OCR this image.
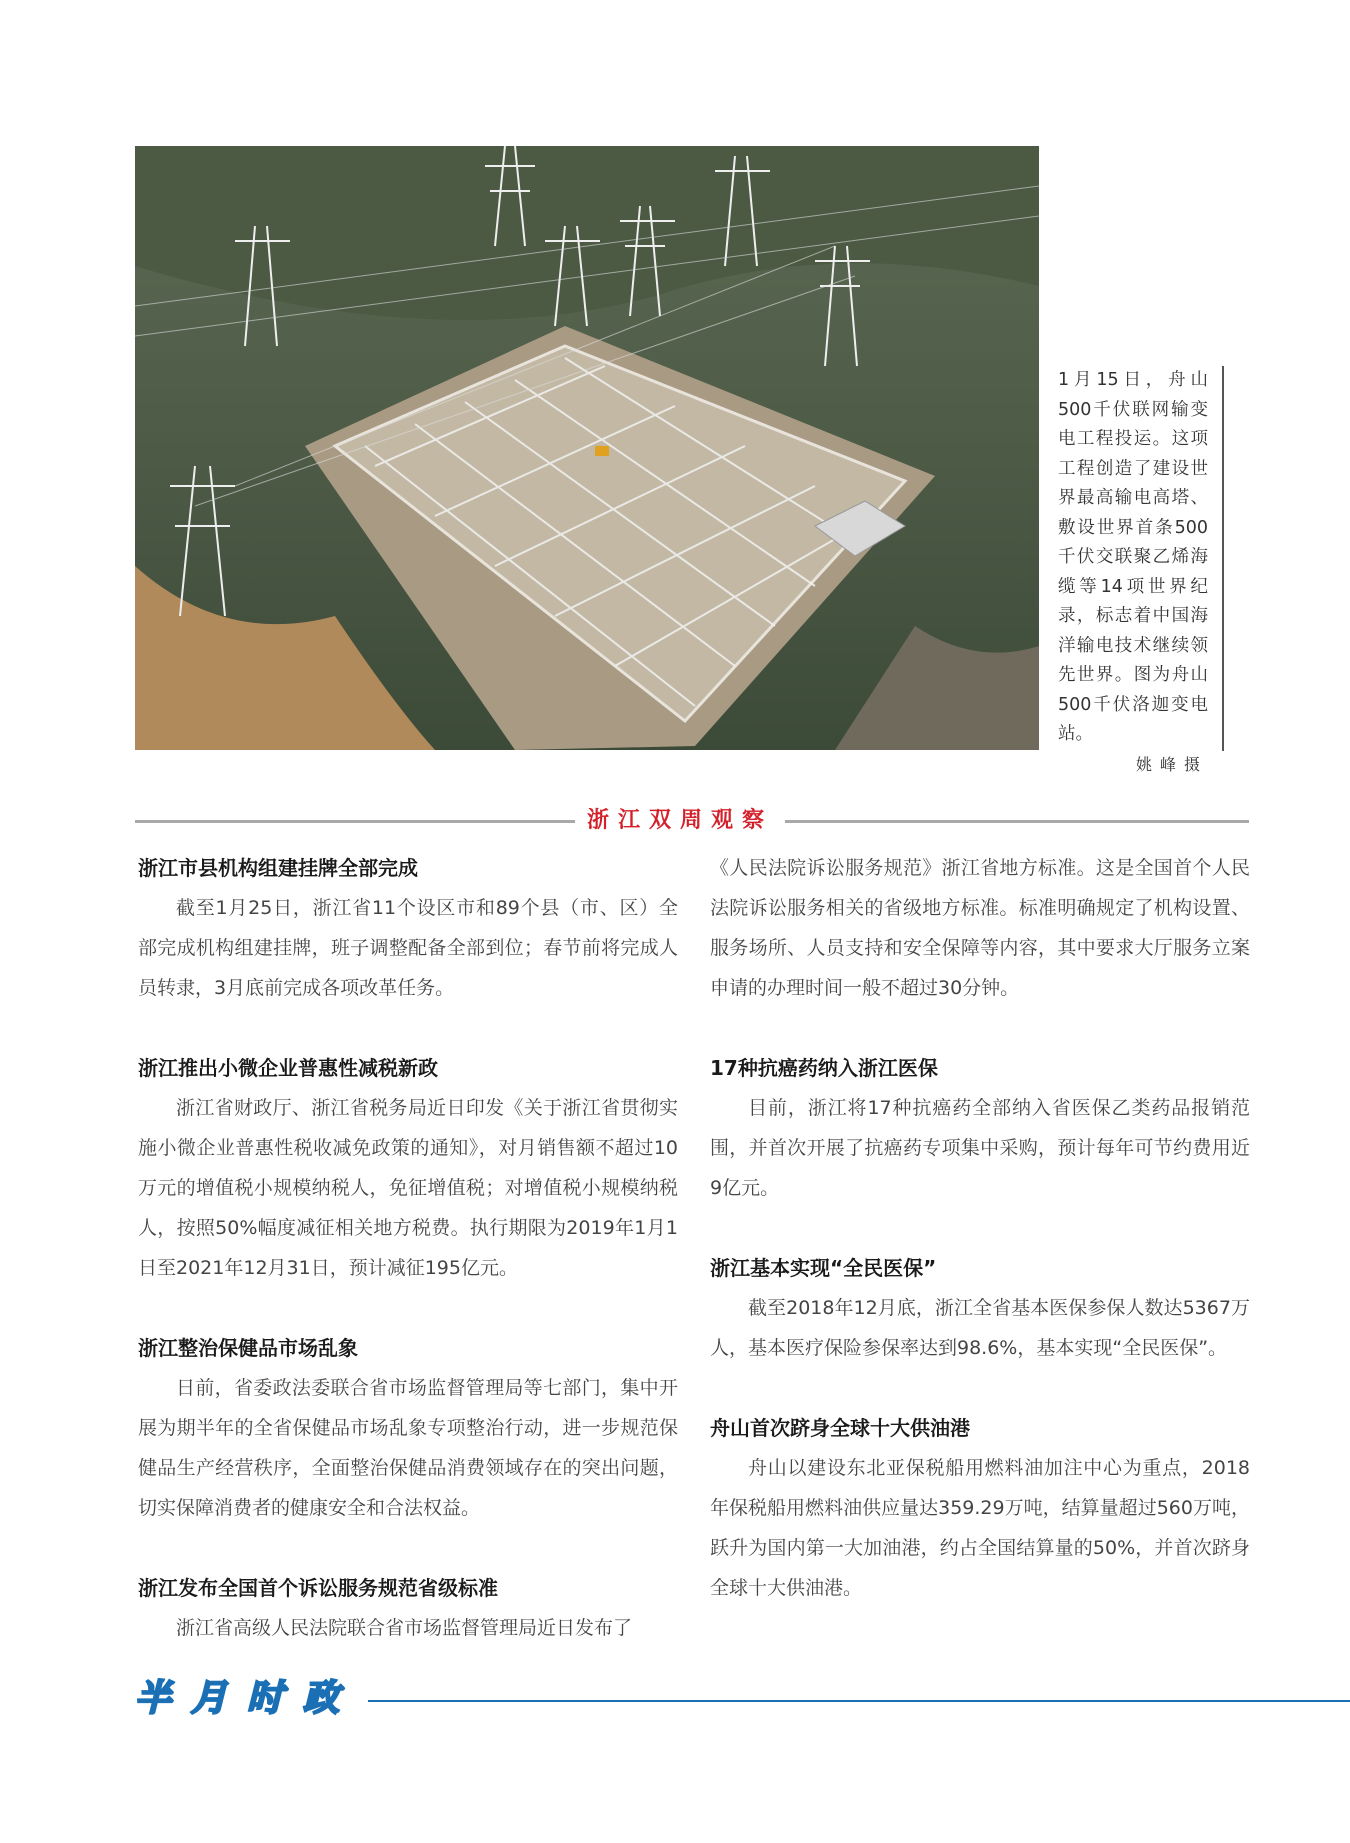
1月15日，舟山500千伏联网输变电工程投运。这项工程创造了建设世界最高输电高塔、敷设世界首条500千伏交联聚乙烯海缆等14项世界纪录，标志着中国海洋输电技术继续领先世界。图为舟山500千伏洛迦变电站。

姚峰摄
浙江双周观察
浙江市县机构组建挂牌全部完成

截至1月25日，浙江省11个设区市和89个县（市、区）全部完成机构组建挂牌，班子调整配备全部到位；春节前将完成人员转隶，3月底前完成各项改革任务。

浙江推出小微企业普惠性减税新政

浙江省财政厅、浙江省税务局近日印发《关于浙江省贯彻实施小微企业普惠性税收减免政策的通知》，对月销售额不超过10万元的增值税小规模纳税人，免征增值税；对增值税小规模纳税人，按照50%幅度减征相关地方税费。执行期限为2019年1月1日至2021年12月31日，预计减征195亿元。

浙江整治保健品市场乱象

日前，省委政法委联合省市场监督管理局等七部门，集中开展为期半年的全省保健品市场乱象专项整治行动，进一步规范保健品生产经营秩序，全面整治保健品消费领域存在的突出问题，切实保障消费者的健康安全和合法权益。

浙江发布全国首个诉讼服务规范省级标准

浙江省高级人民法院联合省市场监督管理局近日发布了

《人民法院诉讼服务规范》浙江省地方标准。这是全国首个人民法院诉讼服务相关的省级地方标准。标准明确规定了机构设置、服务场所、人员支持和安全保障等内容，其中要求大厅服务立案申请的办理时间一般不超过30分钟。

17种抗癌药纳入浙江医保

目前，浙江将17种抗癌药全部纳入省医保乙类药品报销范围，并首次开展了抗癌药专项集中采购，预计每年可节约费用近9亿元。

浙江基本实现“全民医保”

截至2018年12月底，浙江全省基本医保参保人数达5367万人，基本医疗保险参保率达到98.6%，基本实现“全民医保”。

舟山首次跻身全球十大供油港

舟山以建设东北亚保税船用燃料油加注中心为重点，2018年保税船用燃料油供应量达359.29万吨，结算量超过560万吨，跃升为国内第一大加油港，约占全国结算量的50%，并首次跻身全球十大供油港。

半 月 时 政
